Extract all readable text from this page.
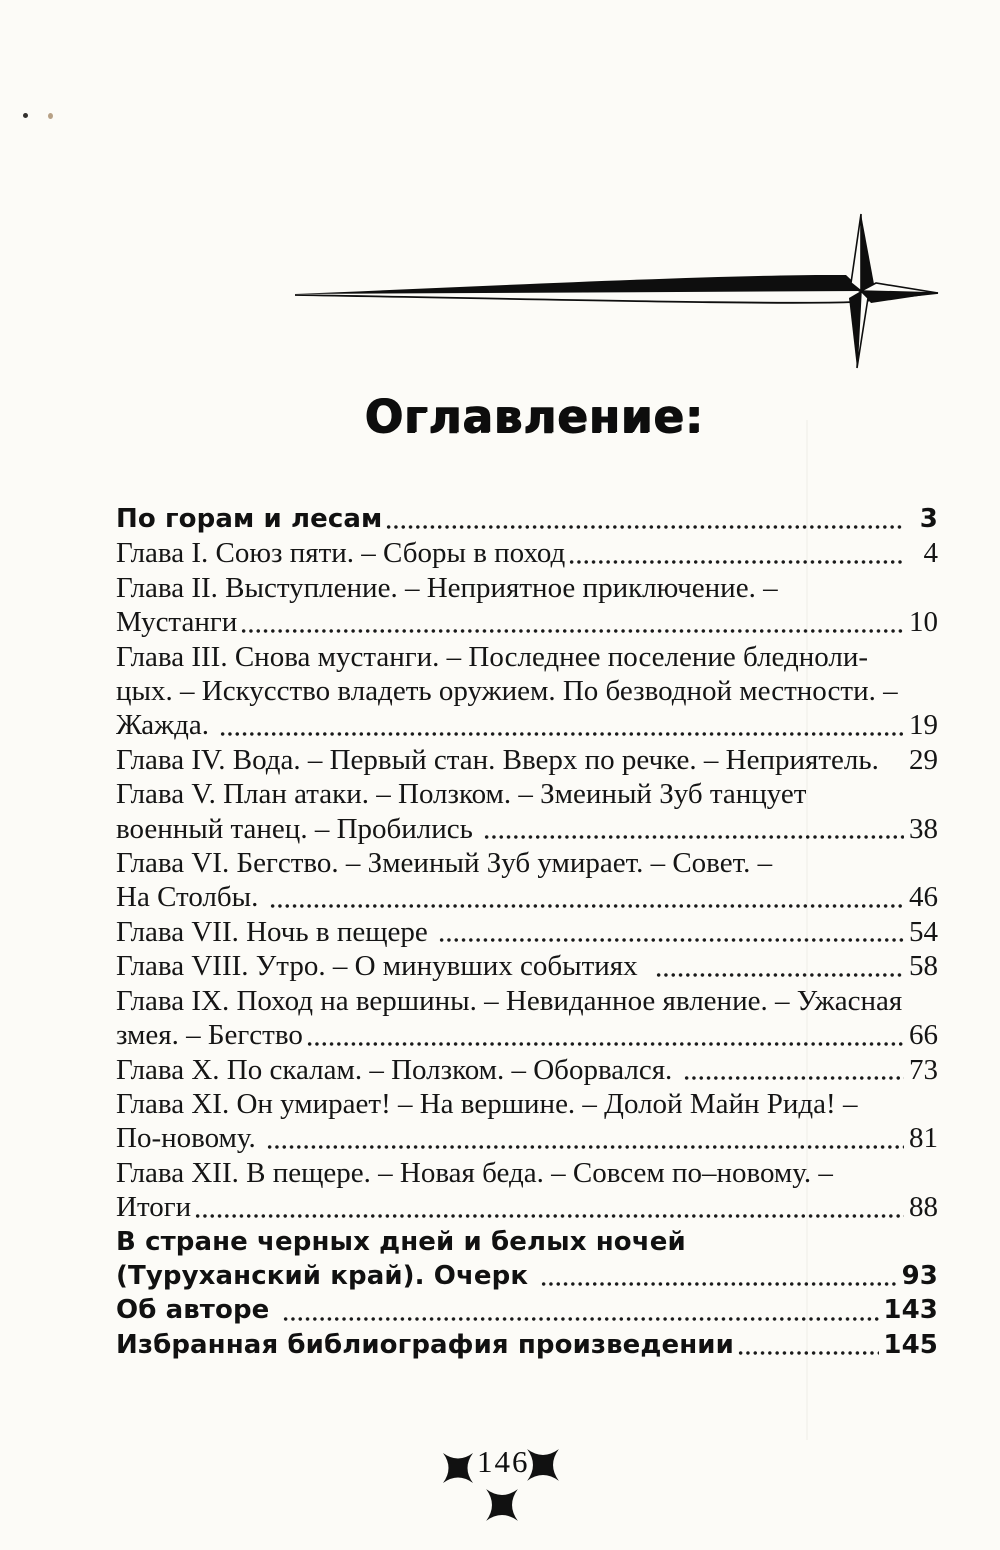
Оглавление:
По горам и лесам	3
Глава I. Союз пяти. – Сборы в поход	4
Глава II. Выступление. – Неприятное приключение. –
Мустанги	10
Глава III. Снова мустанги. – Последнее поселение бледноли-
цых. – Искусство владеть оружием. По безводной местности. –
Жажда.	19
Глава IV. Вода. – Первый стан. Вверх по речке. – Неприятель. 29
Глава V. План атаки. – Ползком. – Змеиный Зуб танцует
военный танец. – Пробились	38
Глава VI. Бегство. – Змеиный Зуб умирает. – Совет. –
На Столбы.	46
Глава VII. Ночь в пещере	54
Глава VIII. Утро. – О минувших событиях	58
Глава IX. Поход на вершины. – Невиданное явление. – Ужасная
змея. – Бегство	66
Глава X. По скалам. – Ползком. – Оборвался.	73
Глава XI. Он умирает! – На вершине. – Долой Майн Рида! –
По-новому.	81
Глава XII. В пещере. – Новая беда. – Совсем по–новому. –
Итоги	88
В стране черных дней и белых ночей
(Туруханский край). Очерк	93
Об авторе	143
Избранная библиография произведении	145
146
